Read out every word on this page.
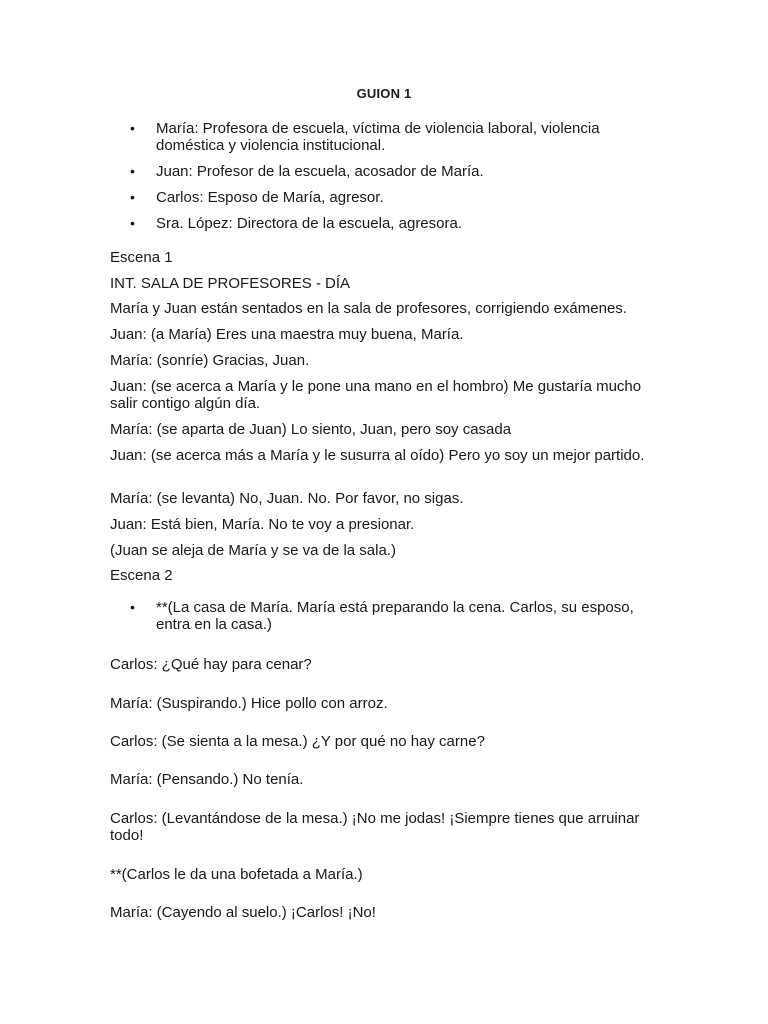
GUION 1
• María: Profesora de escuela, víctima de violencia laboral, violencia doméstica y violencia institucional.
• Juan: Profesor de la escuela, acosador de María.
• Carlos: Esposo de María, agresor.
• Sra. López: Directora de la escuela, agresora.

Escena 1

INT. SALA DE PROFESORES - DÍA

María y Juan están sentados en la sala de profesores, corrigiendo exámenes.

Juan: (a María) Eres una maestra muy buena, María.

María: (sonríe) Gracias, Juan.

Juan: (se acerca a María y le pone una mano en el hombro) Me gustaría mucho salir contigo algún día.

María: (se aparta de Juan) Lo siento, Juan, pero soy casada

Juan: (se acerca más a María y le susurra al oído) Pero yo soy un mejor partido.

María: (se levanta) No, Juan. No. Por favor, no sigas.

Juan: Está bien, María. No te voy a presionar.

(Juan se aleja de María y se va de la sala.)

Escena 2

• **(La casa de María. María está preparando la cena. Carlos, su esposo, entra en la casa.)

Carlos: ¿Qué hay para cenar?

María: (Suspirando.) Hice pollo con arroz.

Carlos: (Se sienta a la mesa.) ¿Y por qué no hay carne?

María: (Pensando.) No tenía.

Carlos: (Levantándose de la mesa.) ¡No me jodas! ¡Siempre tienes que arruinar todo!

**(Carlos le da una bofetada a María.)

María: (Cayendo al suelo.) ¡Carlos! ¡No!
